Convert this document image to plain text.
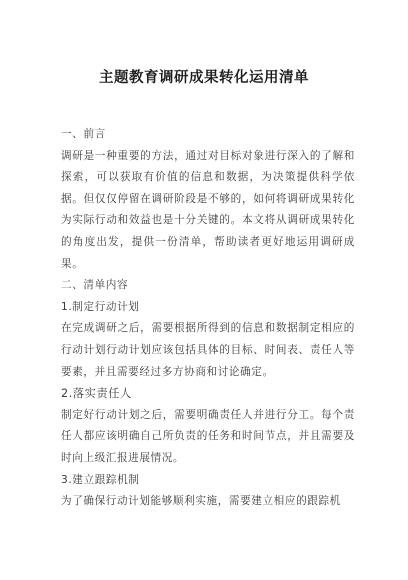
主题教育调研成果转化运用清单
一、前言

调研是一种重要的方法，通过对目标对象进行深入的了解和探索，可以获取有价值的信息和数据，为决策提供科学依据。但仅仅停留在调研阶段是不够的，如何将调研成果转化为实际行动和效益也是十分关键的。本文将从调研成果转化的角度出发，提供一份清单，帮助读者更好地运用调研成果。

二、清单内容
1.制定行动计划

在完成调研之后，需要根据所得到的信息和数据制定相应的行动计划行动计划应该包括具体的目标、时间表、责任人等要素，并且需要经过多方协商和讨论确定。

2.落实责任人

制定好行动计划之后，需要明确责任人并进行分工。每个责任人都应该明确自己所负责的任务和时间节点，并且需要及时向上级汇报进展情况。

3.建立跟踪机制

为了确保行动计划能够顺利实施，需要建立相应的跟踪机
